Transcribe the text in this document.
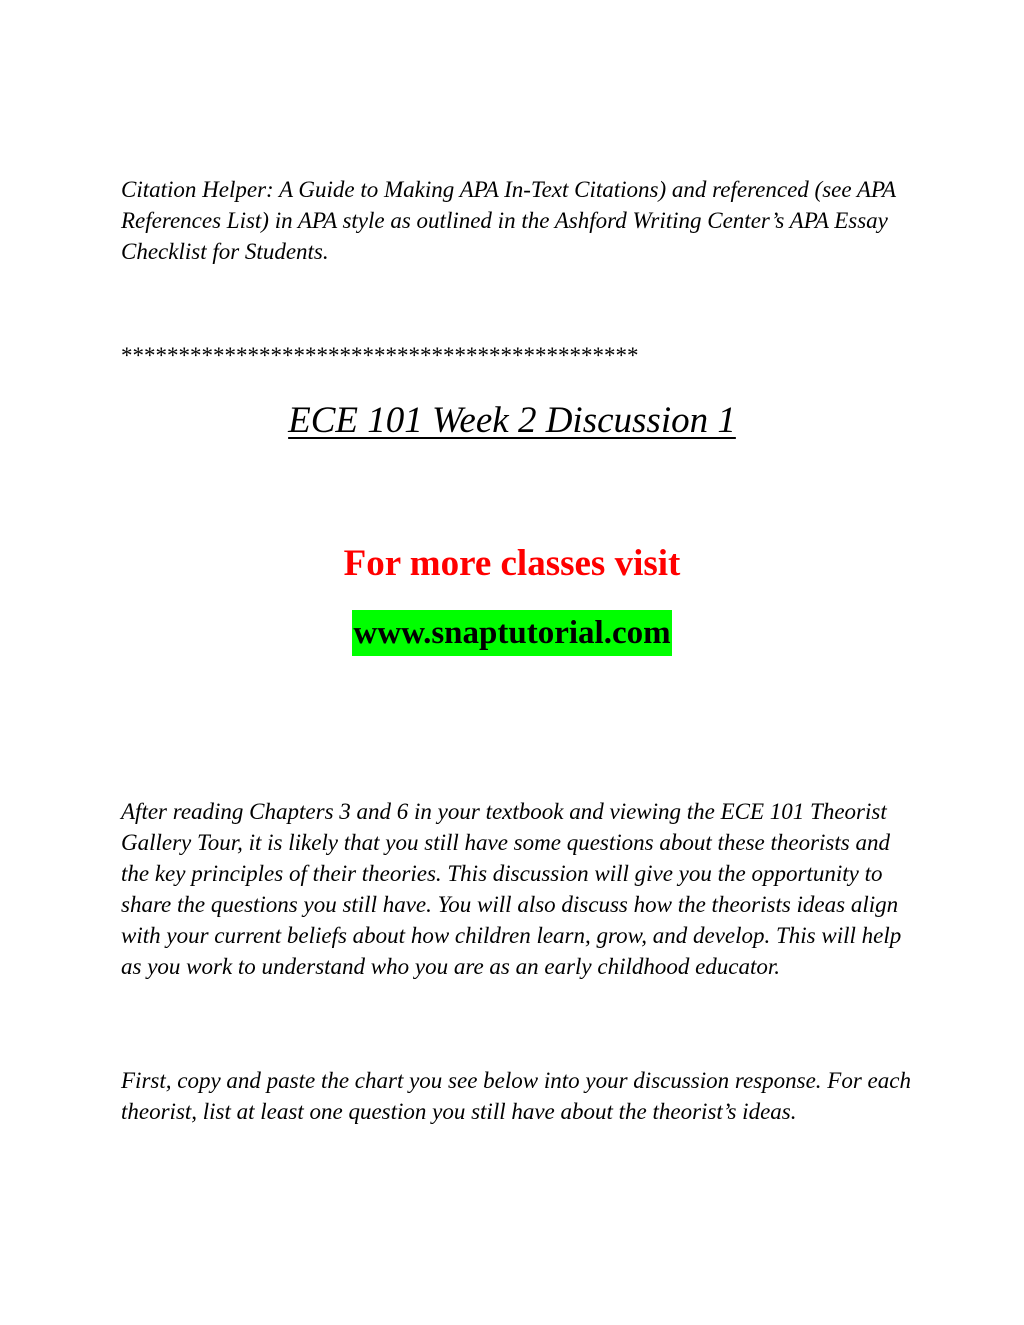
Citation Helper: A Guide to Making APA In-Text Citations) and referenced (see APA References List) in APA style as outlined in the Ashford Writing Center’s APA Essay Checklist for Students.

*********************************************

ECE 101 Week 2 Discussion 1

For more classes visit

www.snaptutorial.com

After reading Chapters 3 and 6 in your textbook and viewing the ECE 101 Theorist Gallery Tour, it is likely that you still have some questions about these theorists and the key principles of their theories. This discussion will give you the opportunity to share the questions you still have. You will also discuss how the theorists ideas align with your current beliefs about how children learn, grow, and develop. This will help as you work to understand who you are as an early childhood educator.

First, copy and paste the chart you see below into your discussion response. For each theorist, list at least one question you still have about the theorist’s ideas.
